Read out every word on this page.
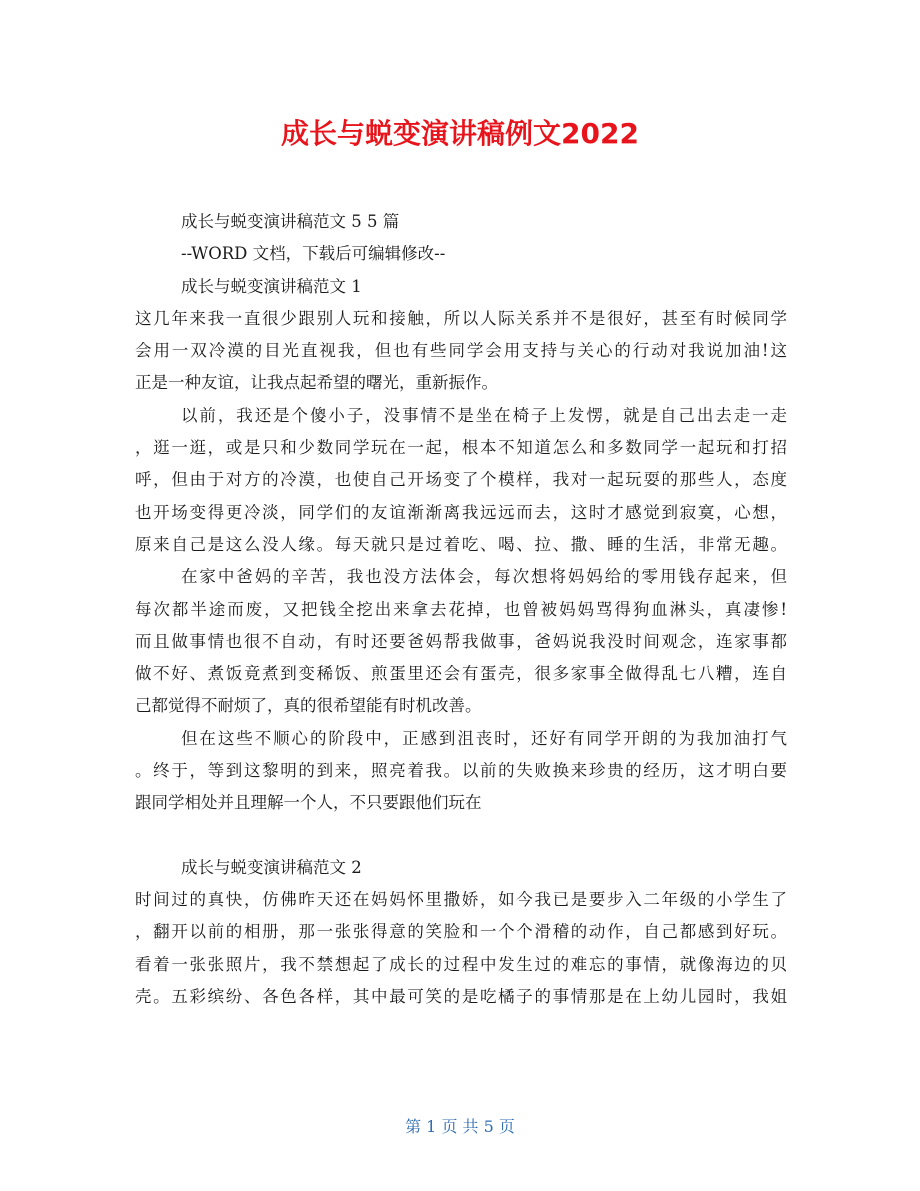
成长与蜕变演讲稿例文2022
成长与蜕变演讲稿范文 5 5 篇
--WORD 文档，下载后可编辑修改--
成长与蜕变演讲稿范文 1
这几年来我一直很少跟别人玩和接触，所以人际关系并不是很好，甚至有时候同学
会用一双冷漠的目光直视我，但也有些同学会用支持与关心的行动对我说加油!这
正是一种友谊，让我点起希望的曙光，重新振作。
以前，我还是个傻小子，没事情不是坐在椅子上发愣，就是自己出去走一走
，逛一逛，或是只和少数同学玩在一起，根本不知道怎么和多数同学一起玩和打招
呼，但由于对方的冷漠，也使自己开场变了个模样，我对一起玩耍的那些人，态度
也开场变得更冷淡，同学们的友谊渐渐离我远远而去，这时才感觉到寂寞，心想，
原来自己是这么没人缘。每天就只是过着吃、喝、拉、撒、睡的生活，非常无趣。
在家中爸妈的辛苦，我也没方法体会，每次想将妈妈给的零用钱存起来，但
每次都半途而废，又把钱全挖出来拿去花掉，也曾被妈妈骂得狗血淋头，真凄惨!
而且做事情也很不自动，有时还要爸妈帮我做事，爸妈说我没时间观念，连家事都
做不好、煮饭竟煮到变稀饭、煎蛋里还会有蛋壳，很多家事全做得乱七八糟，连自
己都觉得不耐烦了，真的很希望能有时机改善。
但在这些不顺心的阶段中，正感到沮丧时，还好有同学开朗的为我加油打气
。终于，等到这黎明的到来，照亮着我。以前的失败换来珍贵的经历，这才明白要
跟同学相处并且理解一个人，不只要跟他们玩在
成长与蜕变演讲稿范文 2
时间过的真快，仿佛昨天还在妈妈怀里撒娇，如今我已是要步入二年级的小学生了
，翻开以前的相册，那一张张得意的笑脸和一个个滑稽的动作，自己都感到好玩。
看着一张张照片，我不禁想起了成长的过程中发生过的难忘的事情，就像海边的贝
壳。五彩缤纷、各色各样，其中最可笑的是吃橘子的事情那是在上幼儿园时，我姐
第 1 页 共 5 页
